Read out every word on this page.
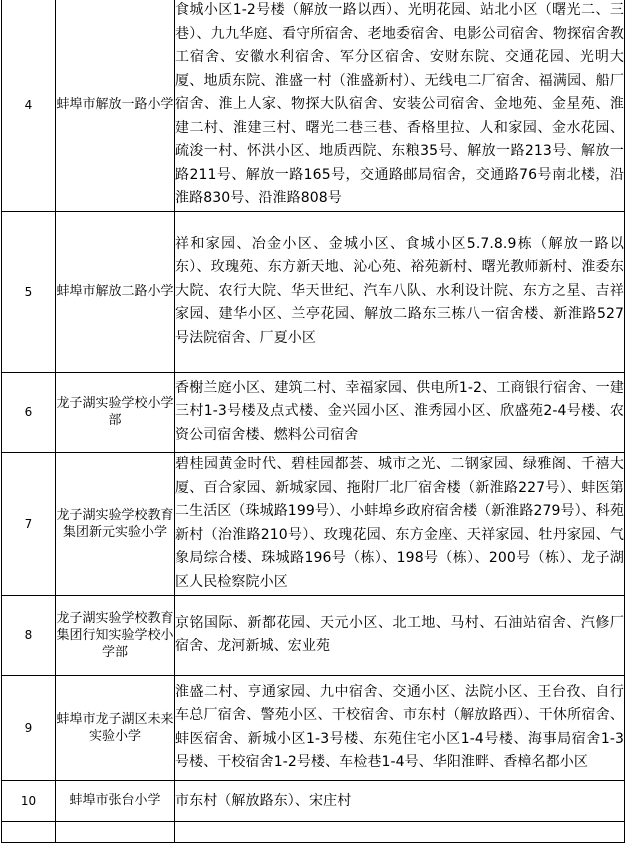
4	蚌埠市解放一路小学	食城小区1-2号楼（解放一路以西）、光明花园、站北小区（曙光二、三巷）、九九华庭、看守所宿舍、老地委宿舍、电影公司宿舍、物探宿舍教工宿舍、安徽水利宿舍、军分区宿舍、安财东院、交通花园、光明大厦、地质东院、淮盛一村（淮盛新村）、无线电二厂宿舍、福满园、船厂宿舍、淮上人家、物探大队宿舍、安装公司宿舍、金地苑、金星苑、淮建二村、淮建三村、曙光二巷三巷、香格里拉、人和家园、金水花园、疏浚一村、怀洪小区、地质西院、东粮35号、解放一路213号、解放一路211号、解放一路165号，交通路邮局宿舍，交通路76号南北楼，沿淮路830号、沿淮路808号
5	蚌埠市解放二路小学	祥和家园、冶金小区、金城小区、食城小区5.7.8.9栋（解放一路以东）、玫瑰苑、东方新天地、沁心苑、裕苑新村、曙光教师新村、淮委东大院、农行大院、华天世纪、汽车八队、水利设计院、东方之星、吉祥家园、建华小区、兰亭花园、解放二路东三栋八一宿舍楼、新淮路527号法院宿舍、厂夏小区
6	龙子湖实验学校小学部	香榭兰庭小区、建筑二村、幸福家园、供电所1-2、工商银行宿舍、一建三村1-3号楼及点式楼、金兴园小区、淮秀园小区、欣盛苑2-4号楼、农资公司宿舍楼、燃料公司宿舍
7	龙子湖实验学校教育集团新元实验小学	碧桂园黄金时代、碧桂园都荟、城市之光、二钢家园、绿雅阁、千禧大厦、百合家园、新城家园、拖附厂北厂宿舍楼（新淮路227号）、蚌医第二生活区（珠城路199号）、小蚌埠乡政府宿舍楼（新淮路279号）、科苑新村（治淮路210号）、玫瑰花园、东方金座、天祥家园、牡丹家园、气象局综合楼、珠城路196号（栋）、198号（栋）、200号（栋）、龙子湖区人民检察院小区
8	龙子湖实验学校教育集团行知实验学校小学部	京铭国际、新都花园、天元小区、北工地、马村、石油站宿舍、汽修厂宿舍、龙河新城、宏业苑
9	蚌埠市龙子湖区未来实验小学	淮盛二村、亨通家园、九中宿舍、交通小区、法院小区、王台孜、自行车总厂宿舍、警苑小区、干校宿舍、市东村（解放路西）、干休所宿舍、蚌医宿舍、新城小区1-3号楼、东苑住宅小区1-4号楼、海事局宿舍1-3号楼、干校宿舍1-2号楼、车检巷1-4号、华阳淮畔、香樟名都小区
10	蚌埠市张台小学	市东村（解放路东）、宋庄村
